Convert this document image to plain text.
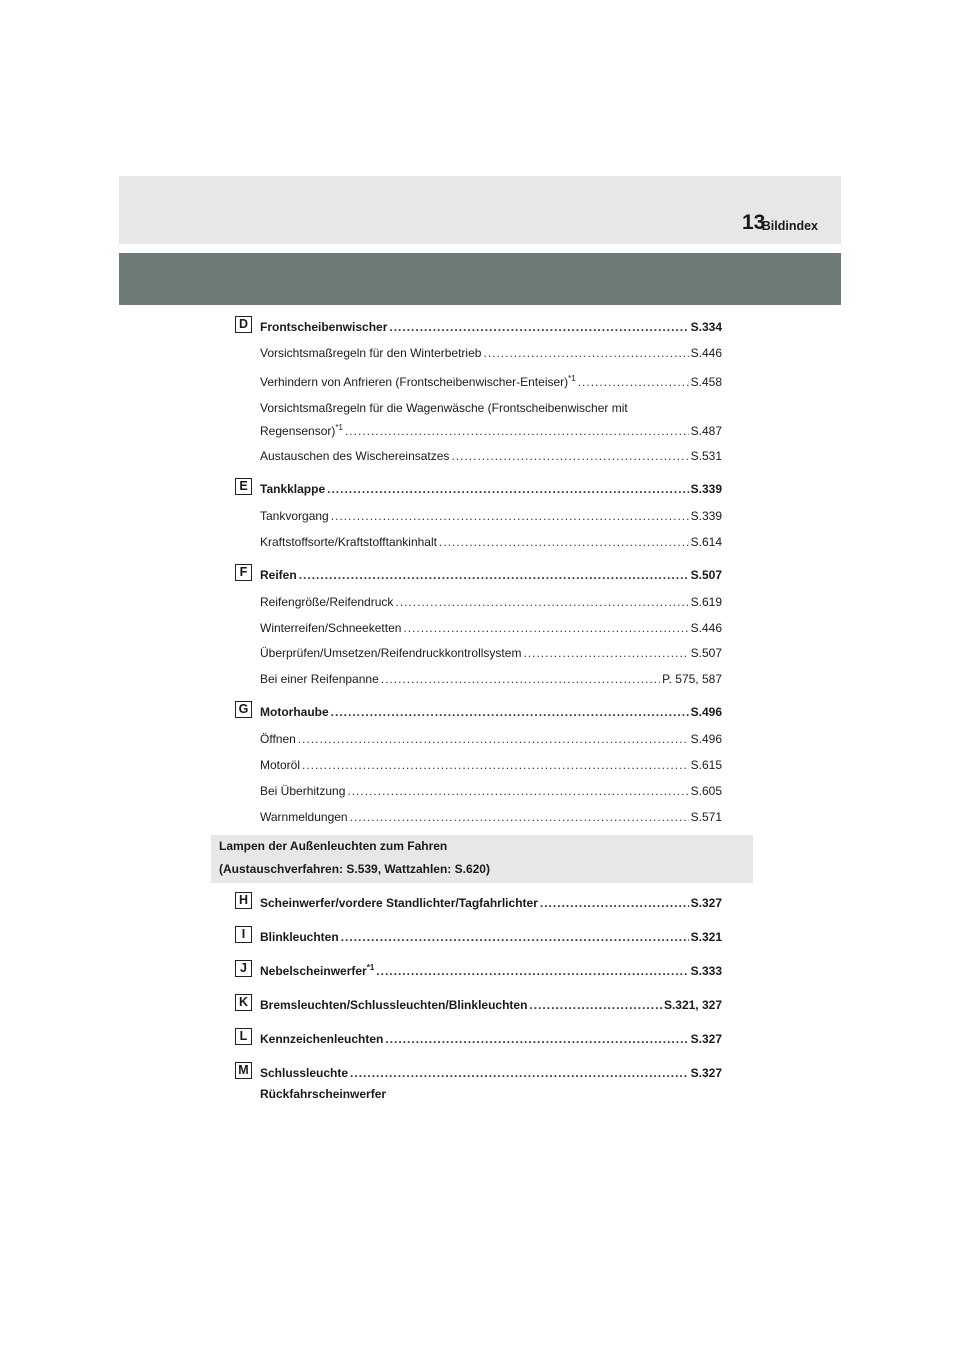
Bildindex
13
D Frontscheibenwischer .....	S.334
Vorsichtsmaßregeln für den Winterbetrieb .....	S.446
Verhindern von Anfrieren (Frontscheibenwischer-Enteiser)$^{*1}$ .....	S.458
Vorsichtsmaßregeln für die Wagenwäsche (Frontscheibenwischer mit
Regensensor)$^{*1}$ .....	S.487
Austauschen des Wischereinsatzes .....	S.531
E	Tankklappe .....	S.339
Tankvorgang .....	S.339
Kraftstoffsorte/Kraftstofftankinhalt .....	S.614
F	Reifen .....	S.507
Reifengröße/Reifendruck .....	S.619
Winterreifen/Schneeketten .....	S.446
Überprüfen/Umsetzen/Reifendruckkontrollsystem .....	S.507
Bei einer Reifenpanne .....	P. 575, 587
G Motorhaube .....	S.496
Öffnen .....	S.496
Motoröl .....	S.615
Bei Überhitzung .....	S.605
Warnmeldungen .....	S.571
Lampen der Außenleuchten zum Fahren
(Austauschverfahren: S.539, Wattzahlen: S.620)
H Scheinwerfer/vordere Standlichter/Tagfahrlichter .....	S.327
I	Blinkleuchten .....	S.321
J	Nebelscheinwerfer$^{*1}$ .....	S.333
K Bremsleuchten/Schlussleuchten/Blinkleuchten .....	S.321, 327
L	Kennzeichenleuchten .....	S.327
M Schlussleuchte .....	S.327
Rückfahrscheinwerfer
